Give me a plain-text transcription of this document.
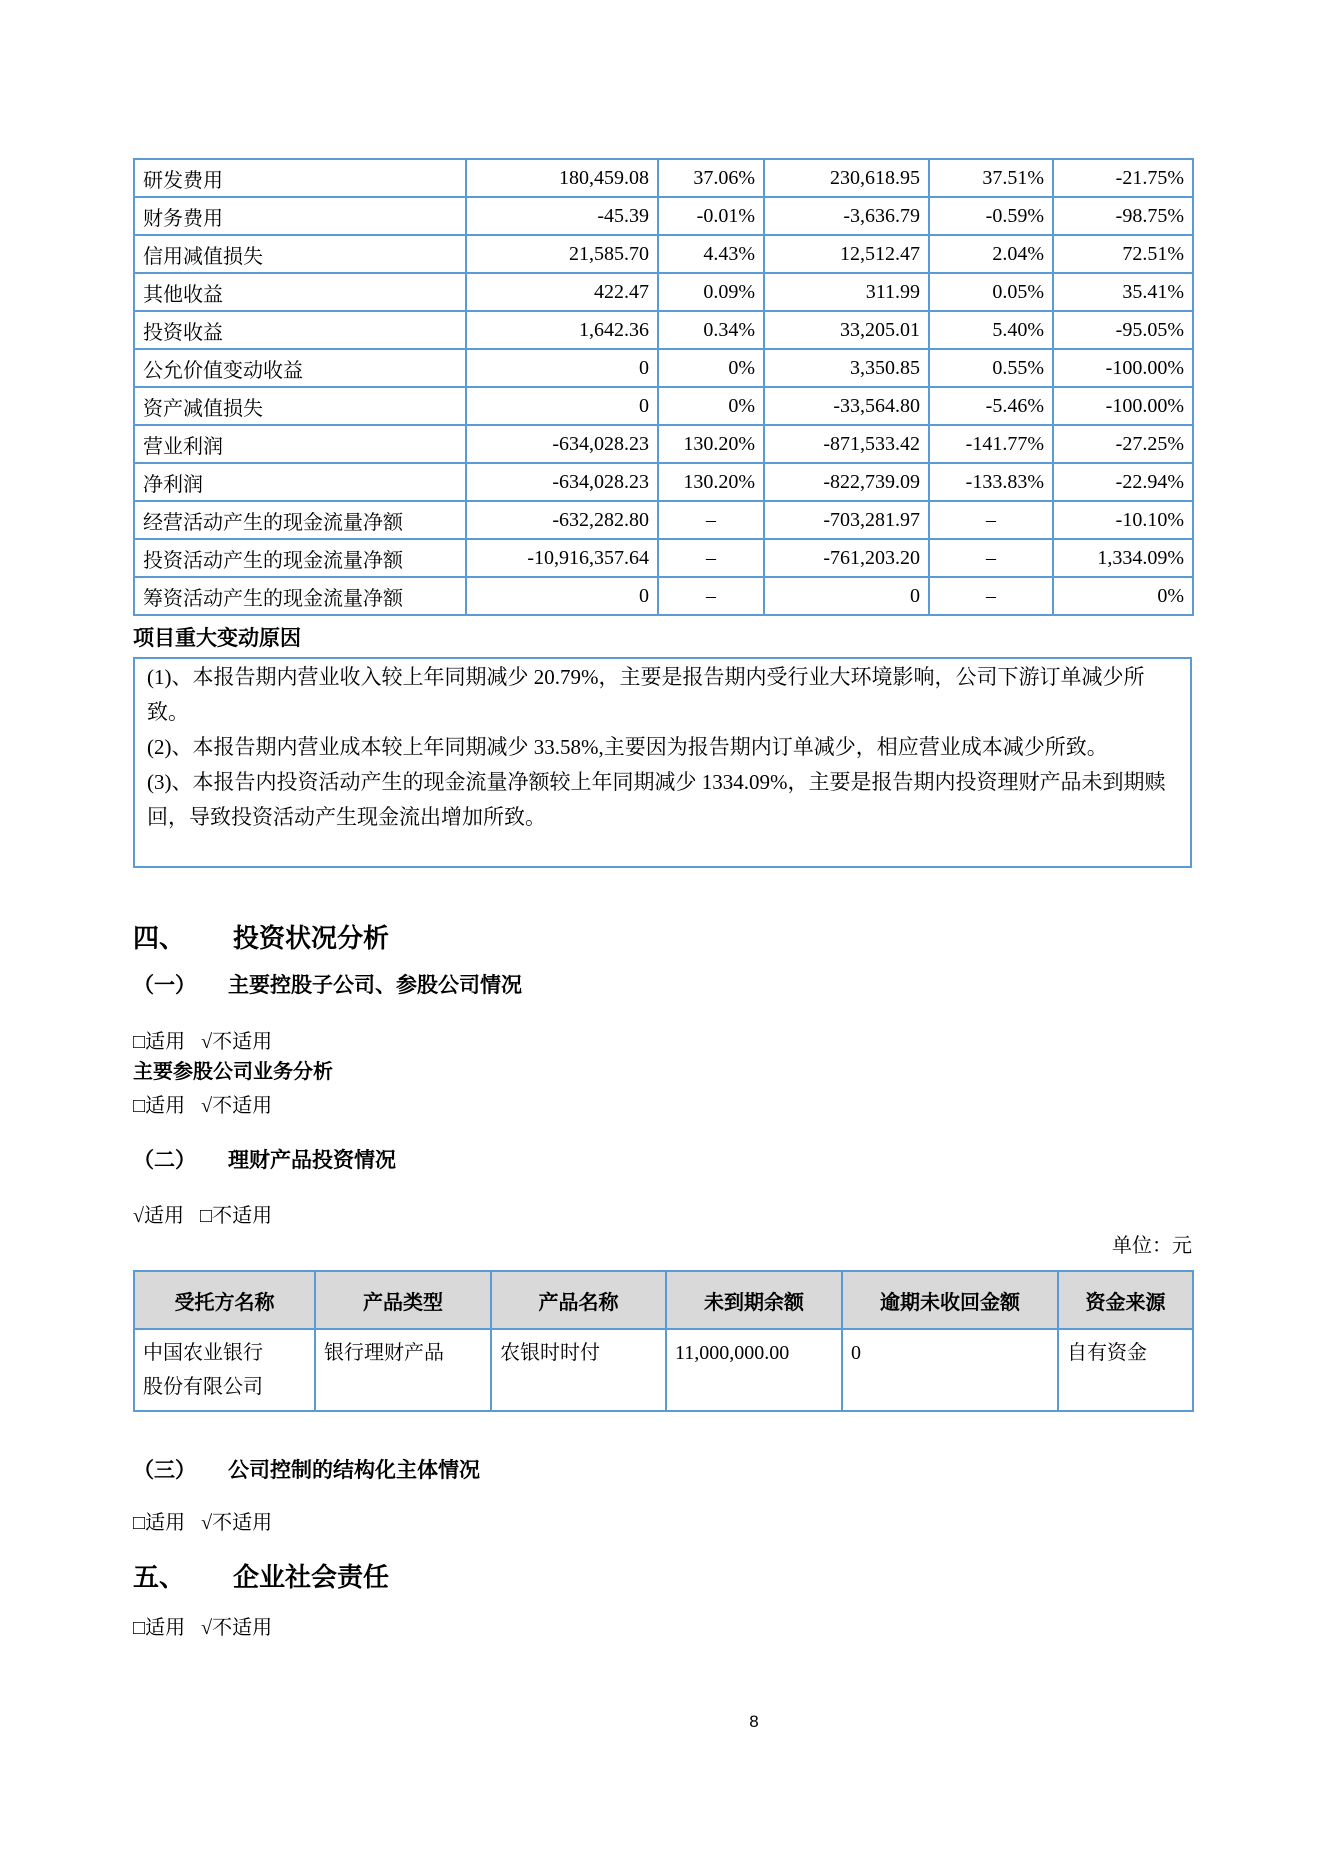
研发费用	180,459.08	37.06%	230,618.95	37.51%	-21.75%
财务费用	-45.39	-0.01%	-3,636.79	-0.59%	-98.75%
信用减值损失	21,585.70	4.43%	12,512.47	2.04%	72.51%
其他收益	422.47	0.09%	311.99	0.05%	35.41%
投资收益	1,642.36	0.34%	33,205.01	5.40%	-95.05%
公允价值变动收益	0	0%	3,350.85	0.55%	-100.00%
资产减值损失	0	0%	-33,564.80	-5.46%	-100.00%
营业利润	-634,028.23	130.20%	-871,533.42	-141.77%	-27.25%
净利润	-634,028.23	130.20%	-822,739.09	-133.83%	-22.94%
经营活动产生的现金流量净额	-632,282.80	–	-703,281.97	–	-10.10%
投资活动产生的现金流量净额	-10,916,357.64	–	-761,203.20	–	1,334.09%
筹资活动产生的现金流量净额	0	–	0	–	0%
项目重大变动原因

(1)、本报告期内营业收入较上年同期减少 20.79%，主要是报告期内受行业大环境影响，公司下游订单减少所致。

(2)、本报告期内营业成本较上年同期减少 33.58%,主要因为报告期内订单减少，相应营业成本减少所致。

(3)、本报告内投资活动产生的现金流量净额较上年同期减少 1334.09%，主要是报告期内投资理财产品未到期赎回，导致投资活动产生现金流出增加所致。

四、 投资状况分析
（一） 主要控股子公司、参股公司情况
□适用 √不适用
主要参股公司业务分析
□适用 √不适用
（二） 理财产品投资情况
√适用 □不适用
单位：元
受托方名称	产品类型	产品名称	未到期余额	逾期未收回金额	资金来源

中国农业银行
股份有限公司	银行理财产品	农银时时付	11,000,000.00	0	自有资金
（三） 公司控制的结构化主体情况
□适用 √不适用
五、 企业社会责任
□适用 √不适用
8
